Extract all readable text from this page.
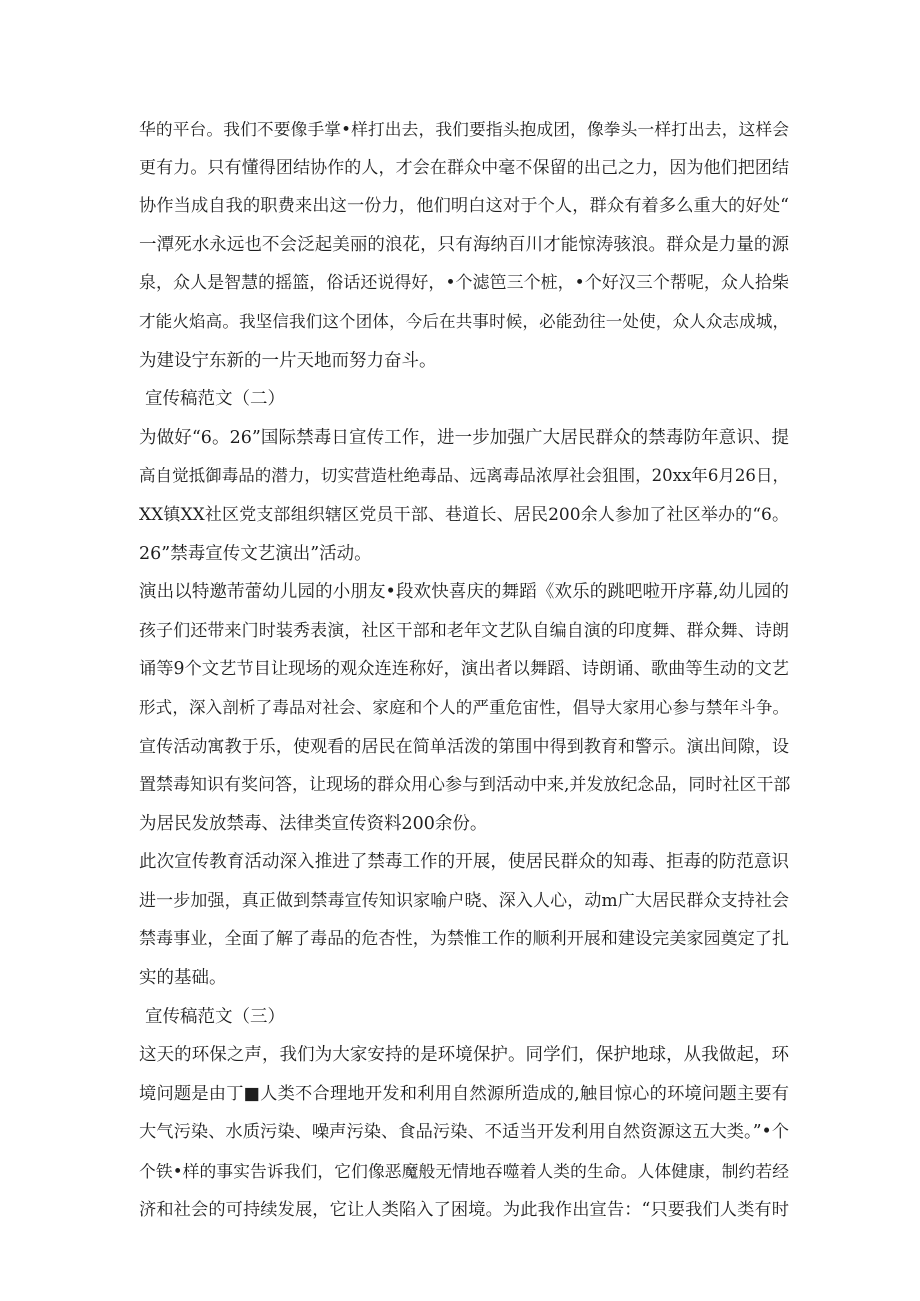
华的平台。我们不要像手掌•样打出去，我们要指头抱成团，像拳头一样打出去，这样会
更有力。只有懂得团结协作的人，才会在群众中毫不保留的出己之力，因为他们把团结
协作当成自我的职费来出这一份力，他们明白这对于个人，群众有着多么重大的好处“
一潭死水永远也不会泛起美丽的浪花，只有海纳百川才能惊涛骇浪。群众是力量的源
泉，众人是智慧的摇篮，俗话还说得好，•个滤笆三个桩，•个好汉三个帮呢，众人拾柴
才能火焰高。我坚信我们这个团体，今后在共事时候，必能劲往一处使，众人众志成城，
为建设宁东新的一片天地而努力奋斗。
宣传稿范文（二）
为做好“6。26”国际禁毒日宣传工作，进一步加强广大居民群众的禁毒防年意识、提
高自觉抵御毒品的潜力，切实营造杜绝毒品、远离毒品浓厚社会狙围，20xx年6月26日，
XX镇XX社区党支部组织辖区党员干部、巷道长、居民200余人参加了社区举办的“6。
26”禁毒宣传文艺演出”活动。
演出以特邀芾蕾幼儿园的小朋友•段欢快喜庆的舞蹈《欢乐的跳吧啦开序幕,幼儿园的
孩子们还带来门时装秀表演，社区干部和老年文艺队自编自演的印度舞、群众舞、诗朗
诵等9个文艺节目让现场的观众连连称好，演出者以舞蹈、诗朗诵、歌曲等生动的文艺
形式，深入剖析了毒品对社会、家庭和个人的严重危宙性，倡导大家用心参与禁年斗争。
宣传活动寓教于乐，使观看的居民在简单活泼的第围中得到教育和警示。演出间隙，设
置禁毒知识有奖问答，让现场的群众用心参与到活动中来,并发放纪念品，同时社区干部
为居民发放禁毒、法律类宣传资料200余份。
此次宣传教育活动深入推进了禁毒工作的开展，使居民群众的知毒、拒毒的防范意识
进一步加强，真正做到禁毒宣传知识家喻户晓、深入人心，动m广大居民群众支持社会
禁毒事业，全面了解了毒品的危杏性，为禁惟工作的顺利开展和建设完美家园奠定了扎
实的基础。
宣传稿范文（三）
这天的环保之声，我们为大家安持的是环境保护。同学们，保护地球，从我做起，环
境问题是由丁■人类不合理地开发和利用自然源所造成的,触目惊心的环境问题主要有
大气污染、水质污染、噪声污染、食品污染、不适当开发利用自然资源这五大类。”•个
个铁•样的事实告诉我们，它们像恶魔般无情地吞噬着人类的生命。人体健康，制约若经
济和社会的可持续发展，它让人类陷入了困境。为此我作出宣告：“只要我们人类有时
